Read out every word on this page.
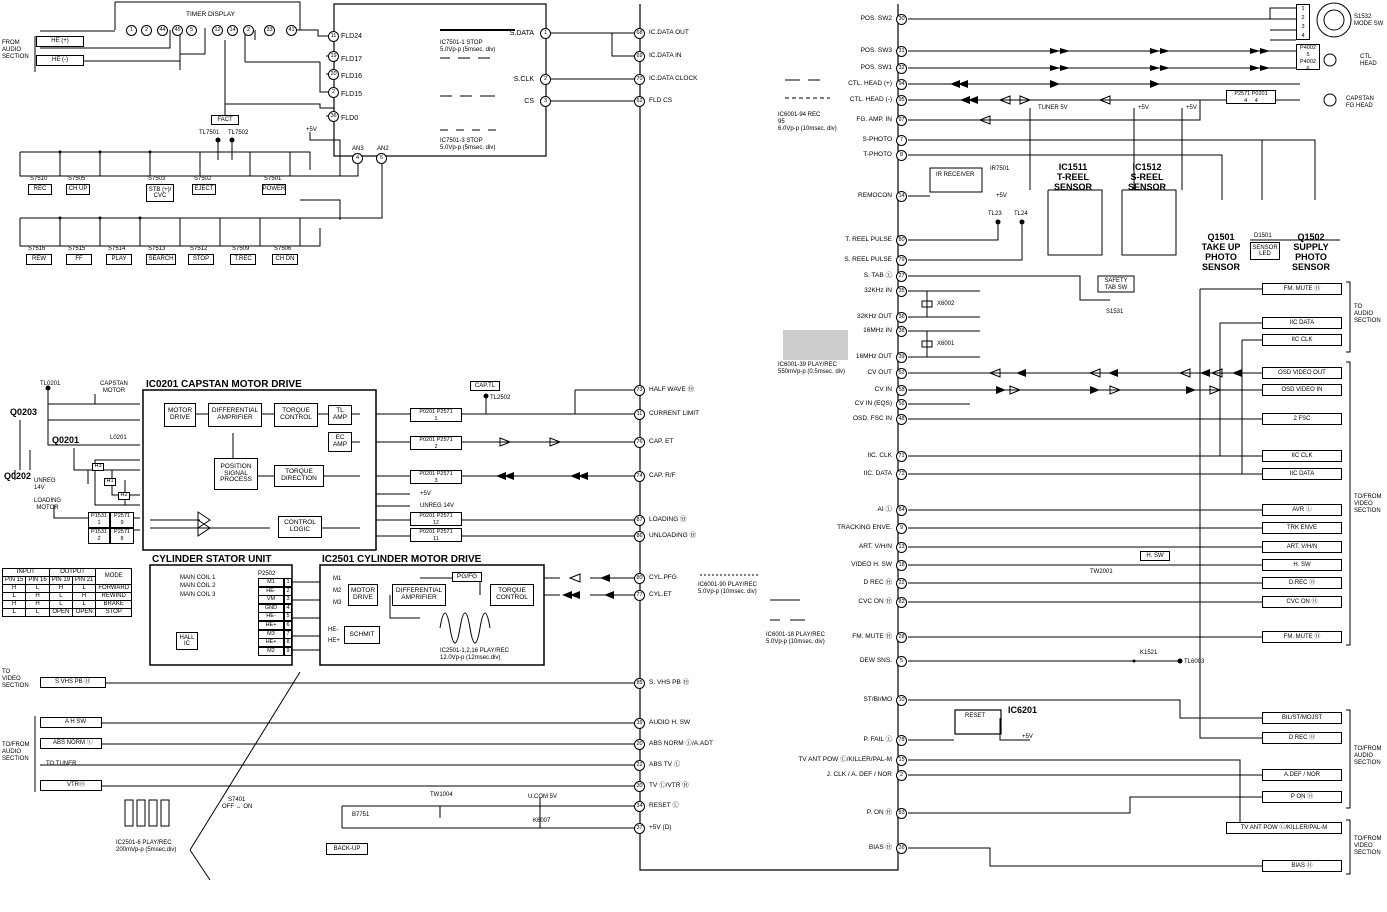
TIMER DISPLAY
FROM
AUDIO
SECTION
HE (+)
HE (-)
1	2	44	45	5	12	14	2	33	41
11
19
20
2
36
FLD24
FLD17
FLD16
FLD15
FLD0
FACT
TL7501 TL7502	+5V
AN3 AN2
4	5
IC7501-1 STOP
5.0Vp-p (5msec. div)
IC7501-3 STOP
5.0Vp-p (5msec. div)
S7510
REC
S7505
CH UP
S7503
STB (+)/
CVC
S7502
EJECT
S7501
POWER
S7516
REW
S7515
FF
S7514
PLAY
S7513
SEARCH
S7512
STOP
S7509
T.REC
S7506
CH DN
S.DATA
S.CLK
CS
1
2
3
68 IC.DATA OUT
69 IC.DATA IN
70 IC.DATA CLOCK
62 FLD CS
73 HALF WAVE Ⓗ
11	CURRENT LIMIT
76 CAP. ET
74 CAP. R/F
87 LOADING Ⓗ
86 UNLOADING Ⓗ
80 CYL.PFG
77 CYL.ET
85 S. VHS PB Ⓗ
19 AUDIO H. SW
20 ABS NORM Ⓛ/A.ADT
22 ABS TV Ⓛ
30 TV Ⓛ/VTR Ⓗ
34 RESET Ⓛ
37 +5V (D)
30
POS. SW2
31
POS. SW3
32
POS. SW1
94
CTL. HEAD (+)
95
CTL. HEAD (-)
97
FG. AMP. IN
7
S-PHOTO
8
T-PHOTO
14
REMOCON
80
T. REEL PULSE
79
S. REEL PULSE
27
S. TAB Ⓛ
35
32KHz IN
36
32KHz OUT
38
16MHz IN
39
16MHz OUT
52
CV OUT
58
CV IN
56
CV IN (EQS)
48
OSD. FSC IN
71
IIC. CLK
72
IIC. DATA
84
AI Ⓛ
9
TRACKING ENVE.
13
ART. V/H/N
18
VIDEO H. SW
22
D REC Ⓗ
82
CVC ON Ⓗ
28
FM. MUTE Ⓗ
5
DEW SNS.
10
ST/BI/MO
78
P. FAIL Ⓛ
15
TV ANT POW Ⓛ/KILLER/PAL-M
2
J. CLK / A. DEF / NOR
83
P. ON Ⓗ
26
BIAS Ⓗ
FM. MUTE Ⓗ
IIC DATA
IIC CLK
OSD VIDEO OUT
OSD VIDEO IN
2 FSC
IIC CLK
IIC DATA
AVR Ⓛ
TRK ENVE
ART. V/H/N
H. SW
D.REC Ⓗ
CVC ON Ⓗ
FM. MUTE Ⓗ
BIL/ST/MOJST
D REC Ⓗ
A.DEF / NOR
P ON Ⓗ
TV ANT POW Ⓛ/KILLER/PAL-M
BIAS Ⓗ
IC0201 CAPSTAN MOTOR DRIVE
TL0201	CAPSTAN
MOTOR
Q0203
Q0201
Q0202
L0201
UNREG
14V
LOADING
MOTOR
MOTOR
DRIVE
DIFFERENTIAL
AMPRIFIER
TORQUE
CONTROL
TL
AMP
EC
AMP
POSITION
SIGNAL
PROCESS
TORQUE
DIRECTION
CONTROL
LOGIC
H3
H1
H2
P0201 P2571
1
P0201 P2571
2
P0201 P2571
3
P0201 P2571
12
P0201 P2571
11
CAP.TL
TL2502
+5V
UNREG 14V
P1531
1
P2571
9
P1531
2
P2571
8
INPUT		OUTPUT		MODE
PIN 15	PIN 16	PIN 19	PIN 21	
H	L	H	L	FORWARD
L	H	L	H	REWIND
H	H	L	L	BRAKE
L	L	OPEN	OPEN	STOP
CYLINDER STATOR UNIT
MAIN COIL 1
MAIN COIL 2
MAIN COIL 3
P2502
M1	1
HE-	2
VM	3
GND	4
HE-	5
HE+	6
M3	7
HE+	8
M2	9
HALL
IC
IC2501 CYLINDER MOTOR DRIVE
M1
M2
M3
HE-
HE+
MOTOR
DRIVE
DIFFERENTIAL
AMPRIFIER
PG/FG
TORQUE
CONTROL
SCHMIT
IC2501-1,2,16 PLAY/REC
12.0Vp-p (12msec.div)
TO
VIDEO
SECTION
S VHS PB
Ⓗ
TO/FROM
AUDIO
SECTION
A H SW
ABS NORM
Ⓛ
TO TUNER
VTR Ⓗ
IC2501-6 PLAY/REC
200mVp-p (5msec.div)
S7401
OFF ↔ ON
B7751
BACK-UP
TW1004	U.COM 5V
K6007
S1532
MODE SW
CTL
HEAD
CAPSTAN
FG HEAD
P4002
5
P4002
6
1
2
3
4
P2571 P0201
4     4
TUNER 5V	+5V	+5V
IR RECEIVER
IR7501
+5V
IC1511
T-REEL
SENSOR
IC1512
S-REEL
SENSOR
Q1501
TAKE UP
PHOTO
SENSOR
D1501
SENSOR
LED
Q1502
SUPPLY
PHOTO
SENSOR
TL23 TL24
SAFETY
TAB SW
S1531
X6002
X6001
TW2001
H. SW
K1521
TL6003
IC6201
RESET
+5V
TO
AUDIO
SECTION
TO/FROM
VIDEO
SECTION
TO/FROM
AUDIO
SECTION
TO/FROM
VIDEO
SECTION
IC6001-94 REC
95
6.0Vp-p (10msec. div)
IC6001-39 PLAY/REC
550mVp-p (0.5msec. div)
IC6001-90 PLAY/REC
5.0Vp-p (10msec. div)
IC6001-18 PLAY/REC
5.0Vp-p (10msec. div)
